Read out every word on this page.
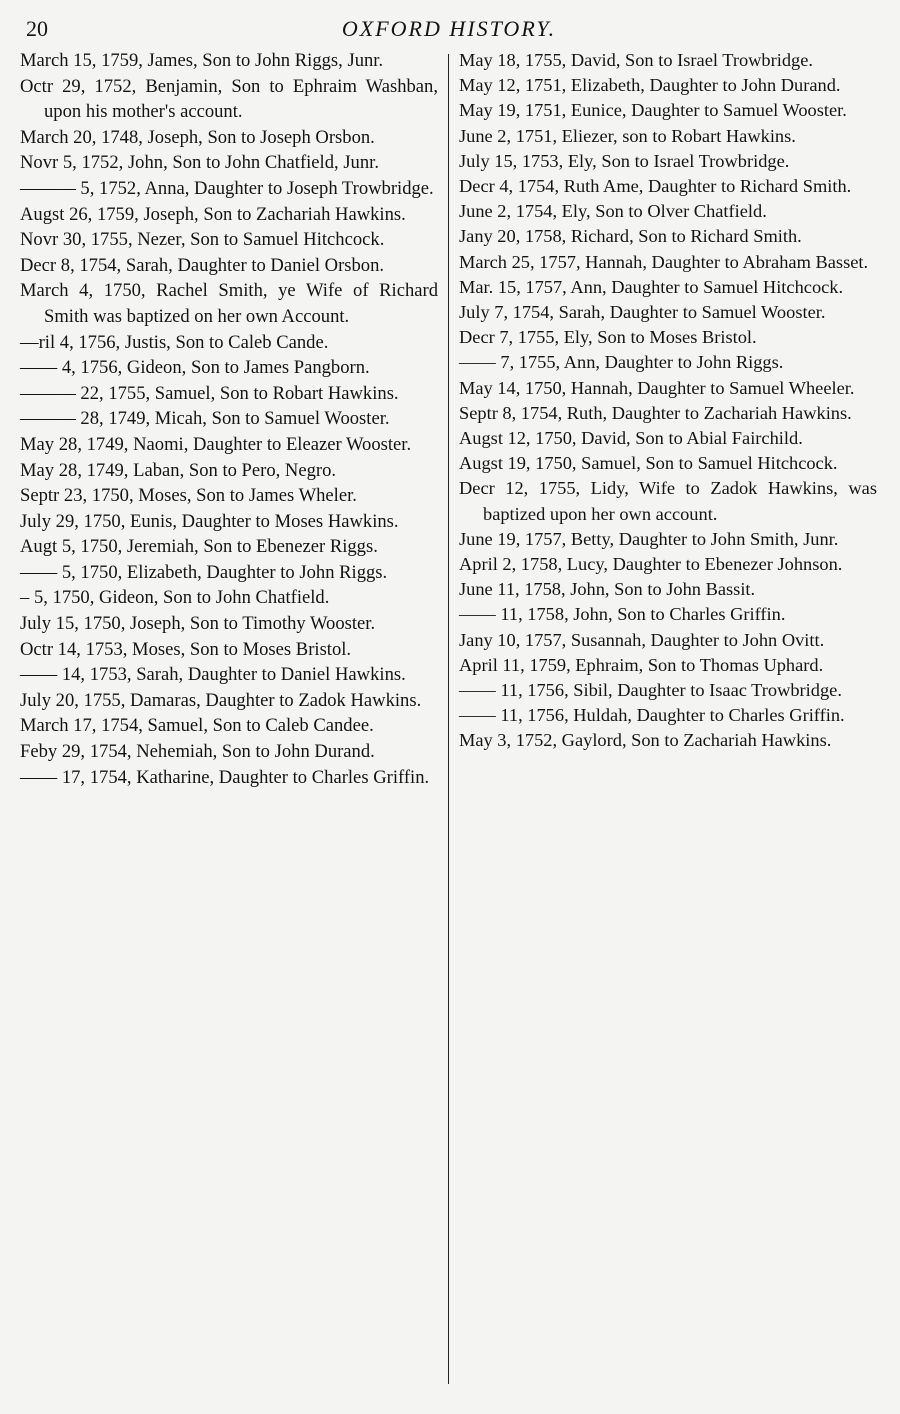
20	OXFORD HISTORY.

March 15, 1759, James, Son to John Riggs, Junr.

Octr 29, 1752, Benjamin, Son to Ephraim Washban, upon his mother's account.

March 20, 1748, Joseph, Son to Joseph Orsbon.

Novr 5, 1752, John, Son to John Chatfield, Junr.

——— 5, 1752, Anna, Daughter to Joseph Trowbridge.

Augst 26, 1759, Joseph, Son to Zachariah Hawkins.

Novr 30, 1755, Nezer, Son to Samuel Hitchcock.

Decr 8, 1754, Sarah, Daughter to Daniel Orsbon.

March 4, 1750, Rachel Smith, ye Wife of Richard Smith was baptized on her own Account.

—ril 4, 1756, Justis, Son to Caleb Cande.

—— 4, 1756, Gideon, Son to James Pangborn.

——— 22, 1755, Samuel, Son to Robart Hawkins.

——— 28, 1749, Micah, Son to Samuel Wooster.

May 28, 1749, Naomi, Daughter to Eleazer Wooster.

May 28, 1749, Laban, Son to Pero, Negro.

Septr 23, 1750, Moses, Son to James Wheler.

July 29, 1750, Eunis, Daughter to Moses Hawkins.

Augt 5, 1750, Jeremiah, Son to Ebenezer Riggs.

—— 5, 1750, Elizabeth, Daughter to John Riggs.

– 5, 1750, Gideon, Son to John Chatfield.

July 15, 1750, Joseph, Son to Timothy Wooster.

Octr 14, 1753, Moses, Son to Moses Bristol.

—— 14, 1753, Sarah, Daughter to Daniel Hawkins.

July 20, 1755, Damaras, Daughter to Zadok Hawkins.

March 17, 1754, Samuel, Son to Caleb Candee.

Feby 29, 1754, Nehemiah, Son to John Durand.

—— 17, 1754, Katharine, Daughter to Charles Griffin.

May 18, 1755, David, Son to Israel Trowbridge.

May 12, 1751, Elizabeth, Daughter to John Durand.

May 19, 1751, Eunice, Daughter to Samuel Wooster.

June 2, 1751, Eliezer, son to Robart Hawkins.

July 15, 1753, Ely, Son to Israel Trowbridge.

Decr 4, 1754, Ruth Ame, Daughter to Richard Smith.

June 2, 1754, Ely, Son to Olver Chatfield.

Jany 20, 1758, Richard, Son to Richard Smith.

March 25, 1757, Hannah, Daughter to Abraham Basset.

Mar. 15, 1757, Ann, Daughter to Samuel Hitchcock.

July 7, 1754, Sarah, Daughter to Samuel Wooster.

Decr 7, 1755, Ely, Son to Moses Bristol.

—— 7, 1755, Ann, Daughter to John Riggs.

May 14, 1750, Hannah, Daughter to Samuel Wheeler.

Septr 8, 1754, Ruth, Daughter to Zachariah Hawkins.

Augst 12, 1750, David, Son to Abial Fairchild.

Augst 19, 1750, Samuel, Son to Samuel Hitchcock.

Decr 12, 1755, Lidy, Wife to Zadok Hawkins, was baptized upon her own account.

June 19, 1757, Betty, Daughter to John Smith, Junr.

April 2, 1758, Lucy, Daughter to Ebenezer Johnson.

June 11, 1758, John, Son to John Bassit.

—— 11, 1758, John, Son to Charles Griffin.

Jany 10, 1757, Susannah, Daughter to John Ovitt.

April 11, 1759, Ephraim, Son to Thomas Uphard.

—— 11, 1756, Sibil, Daughter to Isaac Trowbridge.

—— 11, 1756, Huldah, Daughter to Charles Griffin.

May 3, 1752, Gaylord, Son to Zachariah Hawkins.
